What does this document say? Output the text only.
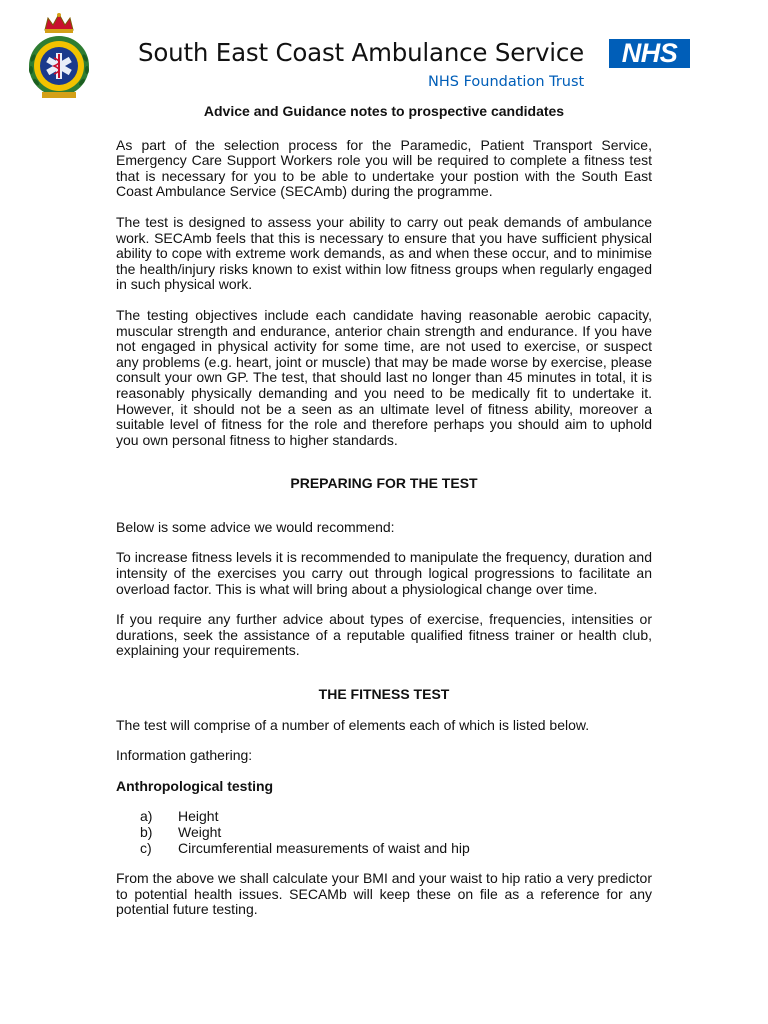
South East Coast Ambulance Service	NHS
NHS Foundation Trust

Advice and Guidance notes to prospective candidates

As part of the selection process for the Paramedic, Patient Transport Service, Emergency Care Support Workers role you will be required to complete a fitness test that is necessary for you to be able to undertake your postion with the South East Coast Ambulance Service (SECAmb) during the programme.

The test is designed to assess your ability to carry out peak demands of ambulance work. SECAmb feels that this is necessary to ensure that you have sufficient physical ability to cope with extreme work demands, as and when these occur, and to minimise the health/injury risks known to exist within low fitness groups when regularly engaged in such physical work.

The testing objectives include each candidate having reasonable aerobic capacity, muscular strength and endurance, anterior chain strength and endurance. If you have not engaged in physical activity for some time, are not used to exercise, or suspect any problems (e.g. heart, joint or muscle) that may be made worse by exercise, please consult your own GP. The test, that should last no longer than 45 minutes in total, it is reasonably physically demanding and you need to be medically fit to undertake it. However, it should not be a seen as an ultimate level of fitness ability, moreover a suitable level of fitness for the role and therefore perhaps you should aim to uphold you own personal fitness to higher standards.

PREPARING FOR THE TEST

Below is some advice we would recommend:

To increase fitness levels it is recommended to manipulate the frequency, duration and intensity of the exercises you carry out through logical progressions to facilitate an overload factor. This is what will bring about a physiological change over time.

If you require any further advice about types of exercise, frequencies, intensities or durations, seek the assistance of a reputable qualified fitness trainer or health club, explaining your requirements.

THE FITNESS TEST

The test will comprise of a number of elements each of which is listed below.

Information gathering:

Anthropological testing

a)	Height
b)	Weight
c)	Circumferential measurements of waist and hip

From the above we shall calculate your BMI and your waist to hip ratio a very predictor to potential health issues. SECAMb will keep these on file as a reference for any potential future testing.
